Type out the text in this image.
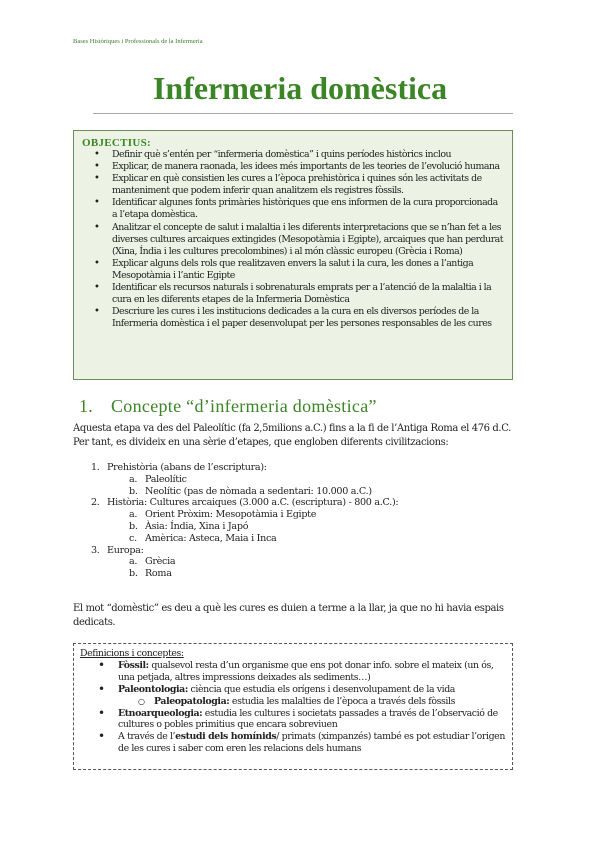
Bases Històriques i Professionals de la Infermeria
Infermeria domèstica
OBJECTIUS:
• Definir què s’entén per “infermeria domèstica” i quins períodes històrics inclou
• Explicar, de manera raonada, les idees més importants de les teories de l’evolució humana
• Explicar en què consistien les cures a l’època prehistòrica i quines són les activitats de manteniment que podem inferir quan analitzem els registres fòssils.
• Identificar algunes fonts primàries històriques que ens informen de la cura proporcionada a l’etapa domèstica.
• Analitzar el concepte de salut i malaltia i les diferents interpretacions que se n’han fet a les diverses cultures arcaiques extingides (Mesopotàmia i Egipte), arcaiques que han perdurat (Xina, Índia i les cultures precolombines) i al món clàssic europeu (Grècia i Roma)
• Explicar alguns dels rols que realitzaven envers la salut i la cura, les dones a l’antiga Mesopotàmia i l’antic Egipte
• Identificar els recursos naturals i sobrenaturals emprats per a l’atenció de la malaltia i la cura en les diferents etapes de la Infermeria Domèstica
• Descriure les cures i les institucions dedicades a la cura en els diversos períodes de la Infermeria domèstica i el paper desenvolupat per les persones responsables de les cures
1. Concepte “d’infermeria domèstica”
Aquesta etapa va des del Paleolític (fa 2,5milions a.C.) fins a la fi de l’Antiga Roma el 476 d.C. Per tant, es divideix en una sèrie d’etapes, que engloben diferents civilitzacions:
1. Prehistòria (abans de l’escriptura):
a. Paleolític
b. Neolític (pas de nòmada a sedentari: 10.000 a.C.)
2. Història: Cultures arcaiques (3.000 a.C. (escriptura) - 800 a.C.):
a. Orient Pròxim: Mesopotàmia i Egipte
b. Àsia: Índia, Xina i Japó
c. Amèrica: Asteca, Maia i Inca
3. Europa:
a. Grècia
b. Roma
El mot “domèstic” es deu a què les cures es duien a terme a la llar, ja que no hi havia espais dedicats.
Definicions i conceptes:
• Fòssil: qualsevol resta d’un organisme que ens pot donar info. sobre el mateix (un ós, una petjada, altres impressions deixades als sediments…)
• Paleontologia: ciència que estudia els orígens i desenvolupament de la vida
○ Paleopatologia: estudia les malalties de l’època a través dels fòssils
• Etnoarqueologia: estudia les cultures i societats passades a través de l’observació de cultures o pobles primitius que encara sobreviuen
• A través de l’estudi dels homínids/ primats (ximpanzés) també es pot estudiar l’origen de les cures i saber com eren les relacions dels humans
